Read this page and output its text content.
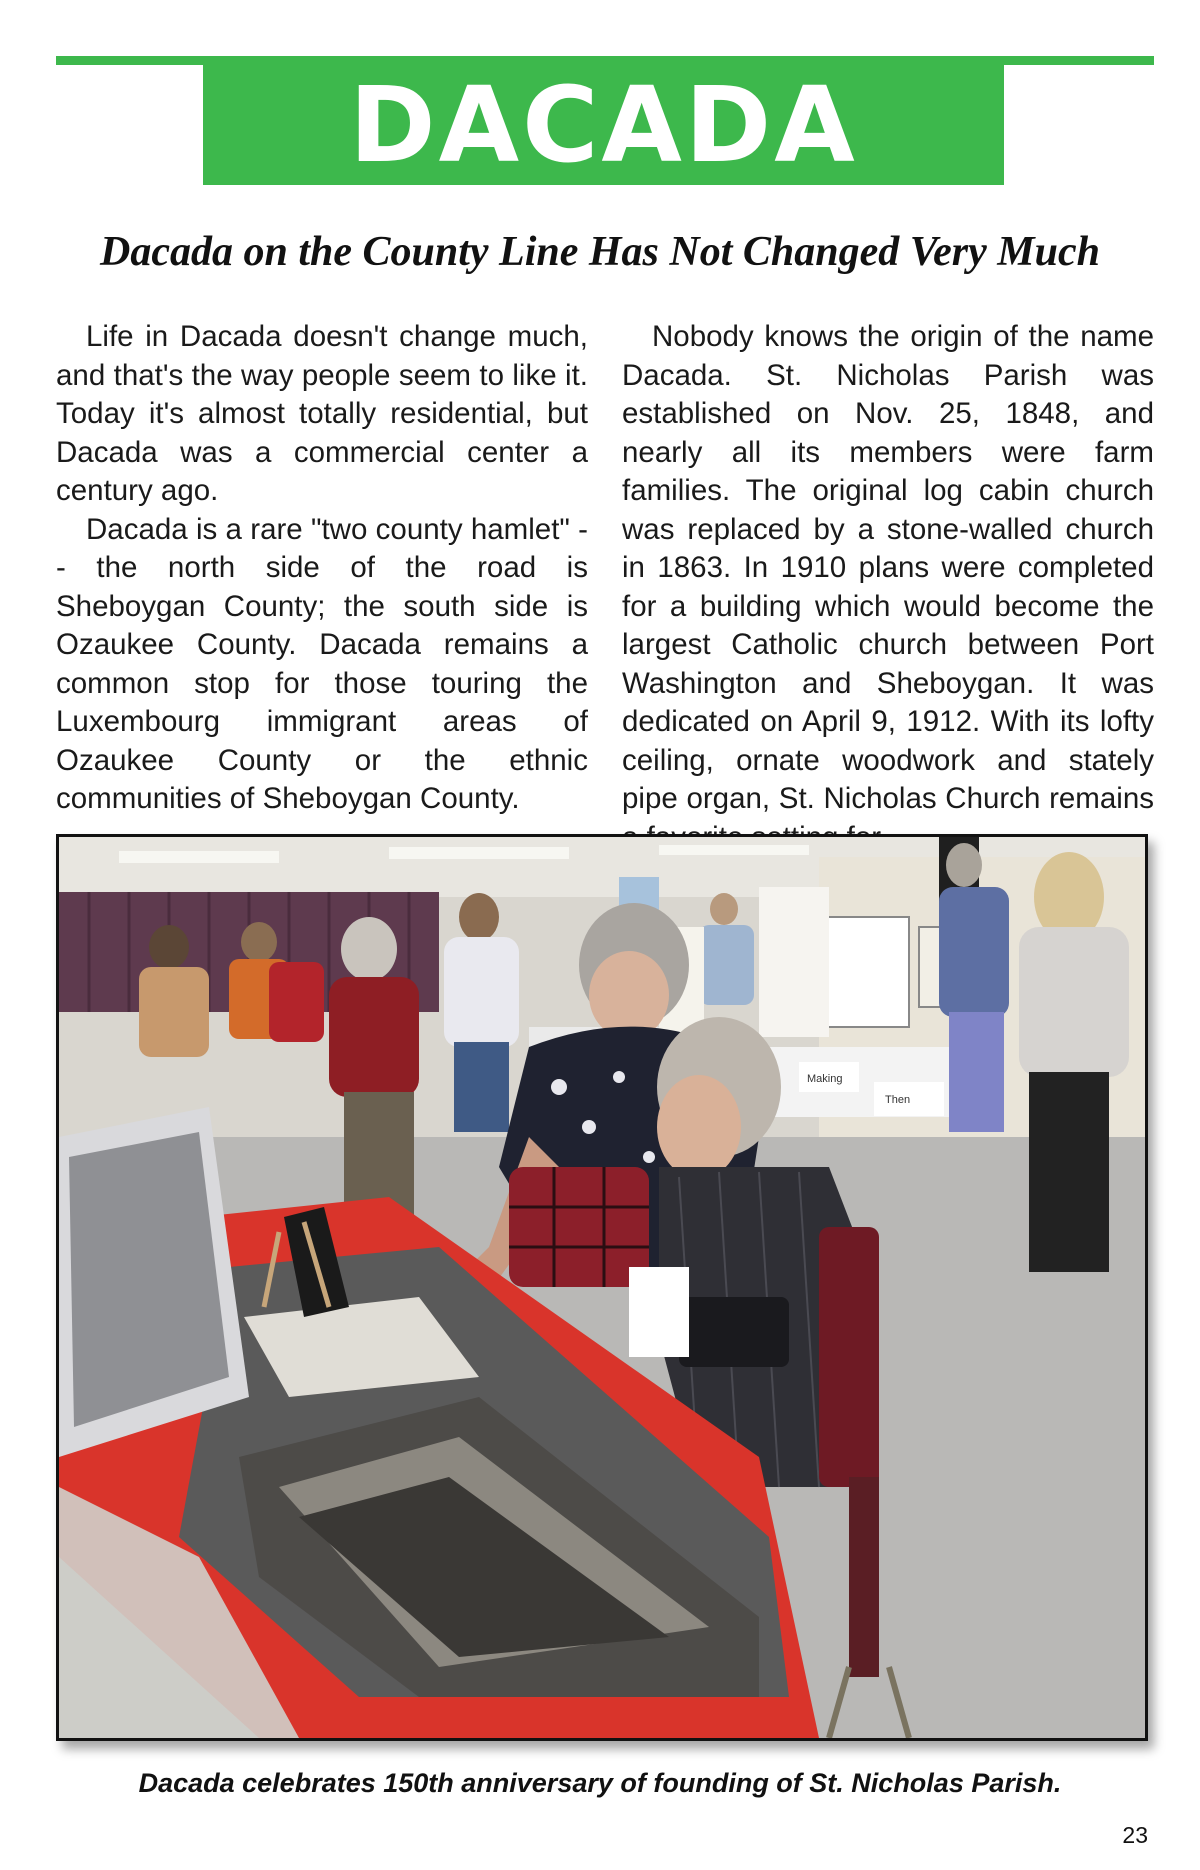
DACADA
Dacada on the County Line Has Not Changed Very Much

Life in Dacada doesn't change much, and that's the way people seem to like it. Today it's almost totally residential, but Dacada was a commercial center a century ago.

Dacada is a rare "two county hamlet" -- the north side of the road is Sheboygan County; the south side is Ozaukee County. Dacada remains a common stop for those touring the Luxembourg immigrant areas of Ozaukee County or the ethnic communities of Sheboygan County.

Nobody knows the origin of the name Dacada. St. Nicholas Parish was established on Nov. 25, 1848, and nearly all its members were farm families. The original log cabin church was replaced by a stone-walled church in 1863. In 1910 plans were completed for a building which would become the largest Catholic church between Port Washington and Sheboygan. It was dedicated on April 9, 1912. With its lofty ceiling, ornate woodwork and stately pipe organ, St. Nicholas Church remains

Making
Then
Dacada celebrates 150th anniversary of founding of St. Nicholas Parish.
23
